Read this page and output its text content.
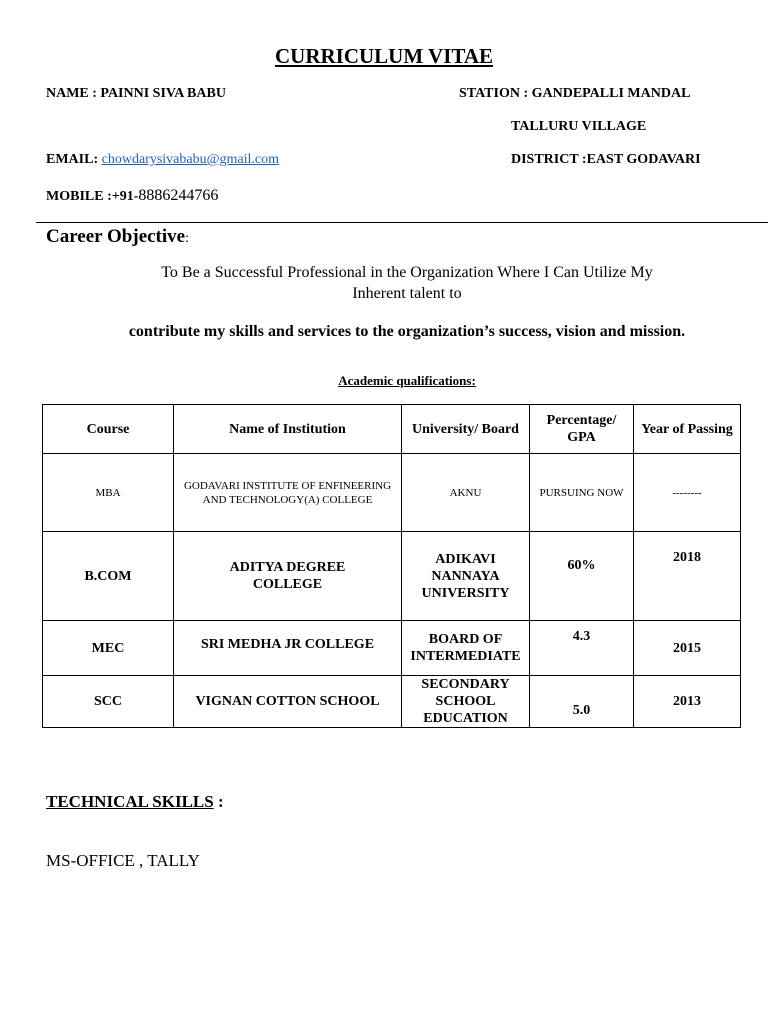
CURRICULUM VITAE
NAME : PAINNI SIVA BABU	STATION : GANDEPALLI MANDAL
TALLURU VILLAGE
EMAIL: chowdarysivababu@gmail.com	DISTRICT :EAST GODAVARI
MOBILE :+91-8886244766
Career Objective:
To Be a Successful Professional in the Organization Where I Can Utilize My
Inherent talent to
contribute my skills and services to the organization’s success, vision and mission.
Academic qualifications:
Course	Name of Institution	University/ Board	Percentage/ GPA	Year of Passing
MBA	GODAVARI INSTITUTE OF ENFINEERING AND TECHNOLOGY(A) COLLEGE	AKNU	PURSUING NOW	--------
B.COM	ADITYA DEGREE COLLEGE	ADIKAVI NANNAYA UNIVERSITY	60%	2018
MEC	SRI MEDHA JR COLLEGE	BOARD OF INTERMEDIATE	4.3	2015
SCC	VIGNAN COTTON SCHOOL	SECONDARY SCHOOL EDUCATION	5.0	2013
TECHNICAL SKILLS :
MS-OFFICE , TALLY
